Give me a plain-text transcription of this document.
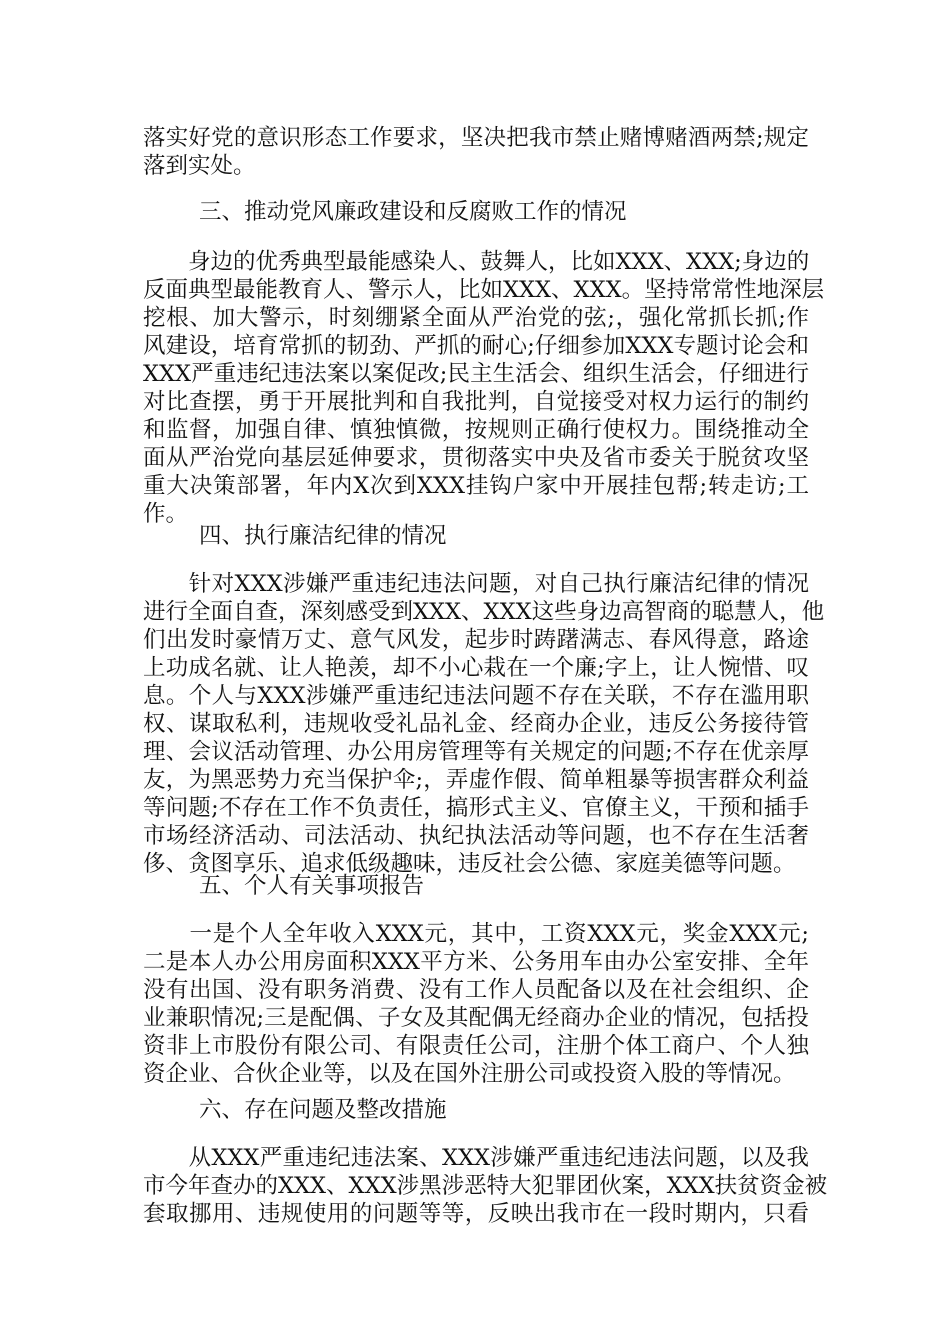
落实好党的意识形态工作要求，坚决把我市禁止赌博赌酒两禁;规定
落到实处。
三、推动党风廉政建设和反腐败工作的情况
　　身边的优秀典型最能感染人、鼓舞人，比如XXX、XXX;身边的
反面典型最能教育人、警示人，比如XXX、XXX。坚持常常性地深层
挖根、加大警示，时刻绷紧全面从严治党的弦;，强化常抓长抓;作
风建设，培育常抓的韧劲、严抓的耐心;仔细参加XXX专题讨论会和
XXX严重违纪违法案以案促改;民主生活会、组织生活会，仔细进行
对比查摆，勇于开展批判和自我批判，自觉接受对权力运行的制约
和监督，加强自律、慎独慎微，按规则正确行使权力。围绕推动全
面从严治党向基层延伸要求，贯彻落实中央及省市委关于脱贫攻坚
重大决策部署，年内X次到XXX挂钩户家中开展挂包帮;转走访;工
作。
四、执行廉洁纪律的情况
　　针对XXX涉嫌严重违纪违法问题，对自己执行廉洁纪律的情况
进行全面自查，深刻感受到XXX、XXX这些身边高智商的聪慧人，他
们出发时豪情万丈、意气风发，起步时踌躇满志、春风得意，路途
上功成名就、让人艳羡，却不小心栽在一个廉;字上，让人惋惜、叹
息。个人与XXX涉嫌严重违纪违法问题不存在关联，不存在滥用职
权、谋取私利，违规收受礼品礼金、经商办企业，违反公务接待管
理、会议活动管理、办公用房管理等有关规定的问题;不存在优亲厚
友，为黑恶势力充当保护伞;，弄虚作假、简单粗暴等损害群众利益
等问题;不存在工作不负责任，搞形式主义、官僚主义，干预和插手
市场经济活动、司法活动、执纪执法活动等问题，也不存在生活奢
侈、贪图享乐、追求低级趣味，违反社会公德、家庭美德等问题。
五、个人有关事项报告
　　一是个人全年收入XXX元，其中，工资XXX元，奖金XXX元;
二是本人办公用房面积XXX平方米、公务用车由办公室安排、全年
没有出国、没有职务消费、没有工作人员配备以及在社会组织、企
业兼职情况;三是配偶、子女及其配偶无经商办企业的情况，包括投
资非上市股份有限公司、有限责任公司，注册个体工商户、个人独
资企业、合伙企业等，以及在国外注册公司或投资入股的等情况。
六、存在问题及整改措施
　　从XXX严重违纪违法案、XXX涉嫌严重违纪违法问题，以及我
市今年查办的XXX、XXX涉黑涉恶特大犯罪团伙案，XXX扶贫资金被
套取挪用、违规使用的问题等等，反映出我市在一段时期内，只看
